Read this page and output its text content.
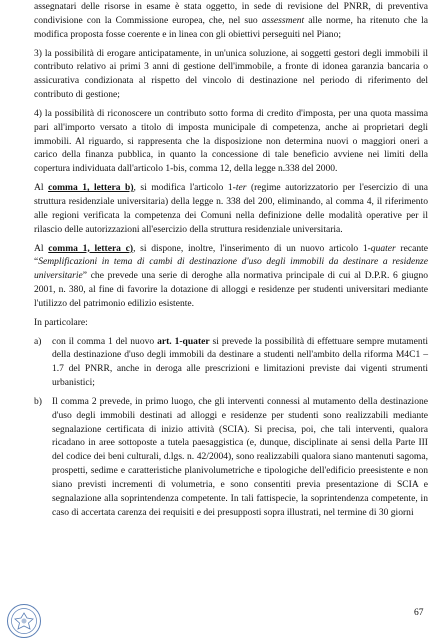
assegnatari delle risorse in esame è stata oggetto, in sede di revisione del PNRR, di preventiva condivisione con la Commissione europea, che, nel suo assessment alle norme, ha ritenuto che la modifica proposta fosse coerente e in linea con gli obiettivi perseguiti nel Piano;

3) la possibilità di erogare anticipatamente, in un'unica soluzione, ai soggetti gestori degli immobili il contributo relativo ai primi 3 anni di gestione dell'immobile, a fronte di idonea garanzia bancaria o assicurativa condizionata al rispetto del vincolo di destinazione nel periodo di riferimento del contributo di gestione;

4) la possibilità di riconoscere un contributo sotto forma di credito d'imposta, per una quota massima pari all'importo versato a titolo di imposta municipale di competenza, anche ai proprietari degli immobili. Al riguardo, si rappresenta che la disposizione non determina nuovi o maggiori oneri a carico della finanza pubblica, in quanto la concessione di tale beneficio avviene nei limiti della copertura individuata dall'articolo 1-bis, comma 12, della legge n.338 del 2000.

Al comma 1, lettera b), si modifica l'articolo 1-ter (regime autorizzatorio per l'esercizio di una struttura residenziale universitaria) della legge n. 338 del 200, eliminando, al comma 4, il riferimento alle regioni verificata la competenza dei Comuni nella definizione delle modalità operative per il rilascio delle autorizzazioni all'esercizio della struttura residenziale universitaria.

Al comma 1, lettera c), si dispone, inoltre, l'inserimento di un nuovo articolo 1-quater recante “Semplificazioni in tema di cambi di destinazione d'uso degli immobili da destinare a residenze universitarie” che prevede una serie di deroghe alla normativa principale di cui al D.P.R. 6 giugno 2001, n. 380, al fine di favorire la dotazione di alloggi e residenze per studenti universitari mediante l'utilizzo del patrimonio edilizio esistente.

In particolare:

a) con il comma 1 del nuovo art. 1-quater si prevede la possibilità di effettuare sempre mutamenti della destinazione d'uso degli immobili da destinare a studenti nell'ambito della riforma M4C1 – 1.7 del PNRR, anche in deroga alle prescrizioni e limitazioni previste dai vigenti strumenti urbanistici;

b) Il comma 2 prevede, in primo luogo, che gli interventi connessi al mutamento della destinazione d'uso degli immobili destinati ad alloggi e residenze per studenti sono realizzabili mediante segnalazione certificata di inizio attività (SCIA). Si precisa, poi, che tali interventi, qualora ricadano in aree sottoposte a tutela paesaggistica (e, dunque, disciplinate ai sensi della Parte III del codice dei beni culturali, d.lgs. n. 42/2004), sono realizzabili qualora siano mantenuti sagoma, prospetti, sedime e caratteristiche planivolumetriche e tipologiche dell'edificio preesistente e non siano previsti incrementi di volumetria, e sono consentiti previa presentazione di SCIA e segnalazione alla soprintendenza competente. In tali fattispecie, la soprintendenza competente, in caso di accertata carenza dei requisiti e dei presupposti sopra illustrati, nel termine di 30 giorni

67
